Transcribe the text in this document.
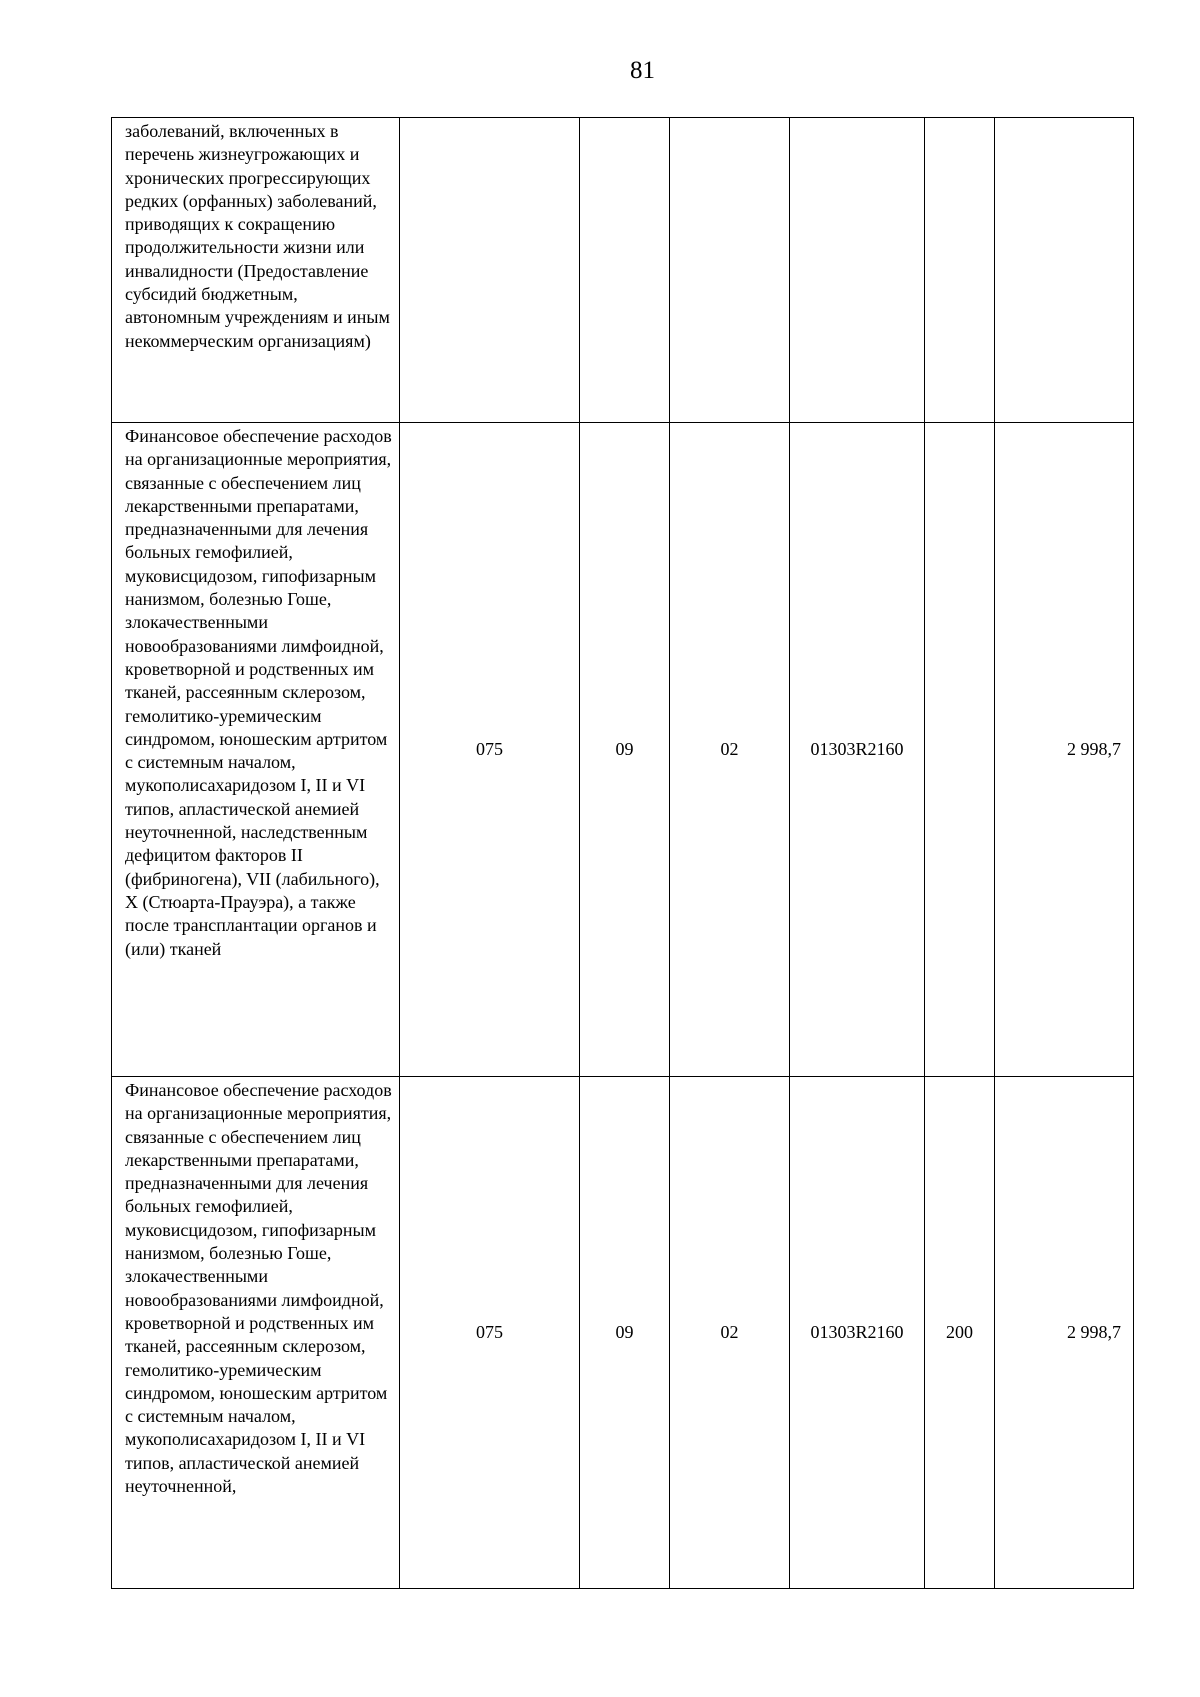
81
заболеваний, включенных в перечень жизнеугрожающих и хронических прогрессирующих редких (орфанных) заболеваний, приводящих к сокращению продолжительности жизни или инвалидности (Предоставление субсидий бюджетным, автономным учреждениям и иным некоммерческим организациям)						
Финансовое обеспечение расходов на организационные мероприятия, связанные с обеспечением лиц лекарственными препаратами, предназначенными для лечения больных гемофилией, муковисцидозом, гипофизарным нанизмом, болезнью Гоше, злокачественными новообразованиями лимфоидной, кроветворной и родственных им тканей, рассеянным склерозом, гемолитико-уремическим синдромом, юношеским артритом с системным началом, мукополисахаридозом I, II и VI типов, апластической анемией неуточненной, наследственным дефицитом факторов II (фибриногена), VII (лабильного), X (Стюарта-Прауэра), а также после трансплантации органов и (или) тканей	075	09	02	01303R2160		2 998,7

Финансовое обеспечение расходов на организационные мероприятия, связанные с обеспечением лиц лекарственными препаратами, предназначенными для лечения больных гемофилией, муковисцидозом, гипофизарным нанизмом, болезнью Гоше, злокачественными новообразованиями лимфоидной, кроветворной и родственных им тканей, рассеянным склерозом, гемолитико-уремическим синдромом, юношеским артритом с системным началом, мукополисахаридозом I, II и VI типов, апластической анемией неуточненной,	075	09	02	01303R2160	200	2 998,7
